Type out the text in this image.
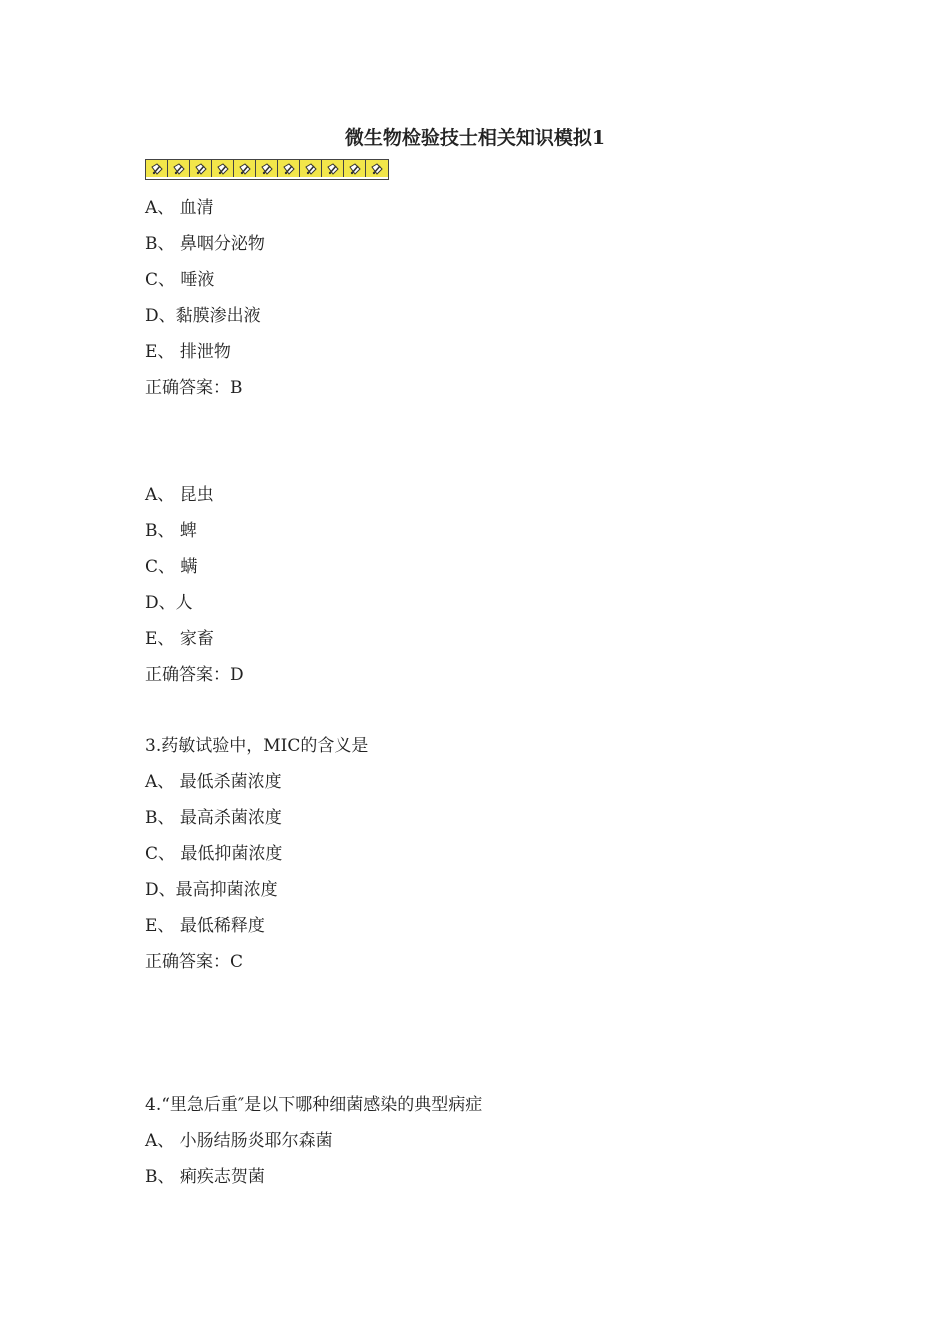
微生物检验技士相关知识模拟1
A、 血清
B、 鼻咽分泌物
C、 唾液
D、黏膜渗出液
E、 排泄物
正确答案：B
A、 昆虫
B、 蜱
C、 螨
D、人
E、 家畜
正确答案：D
3.药敏试验中，MIC的含义是
A、 最低杀菌浓度
B、 最高杀菌浓度
C、 最低抑菌浓度
D、最高抑菌浓度
E、 最低稀释度
正确答案：C
4.“里急后重″是以下哪种细菌感染的典型病症
A、 小肠结肠炎耶尔森菌
B、 痢疾志贺菌
